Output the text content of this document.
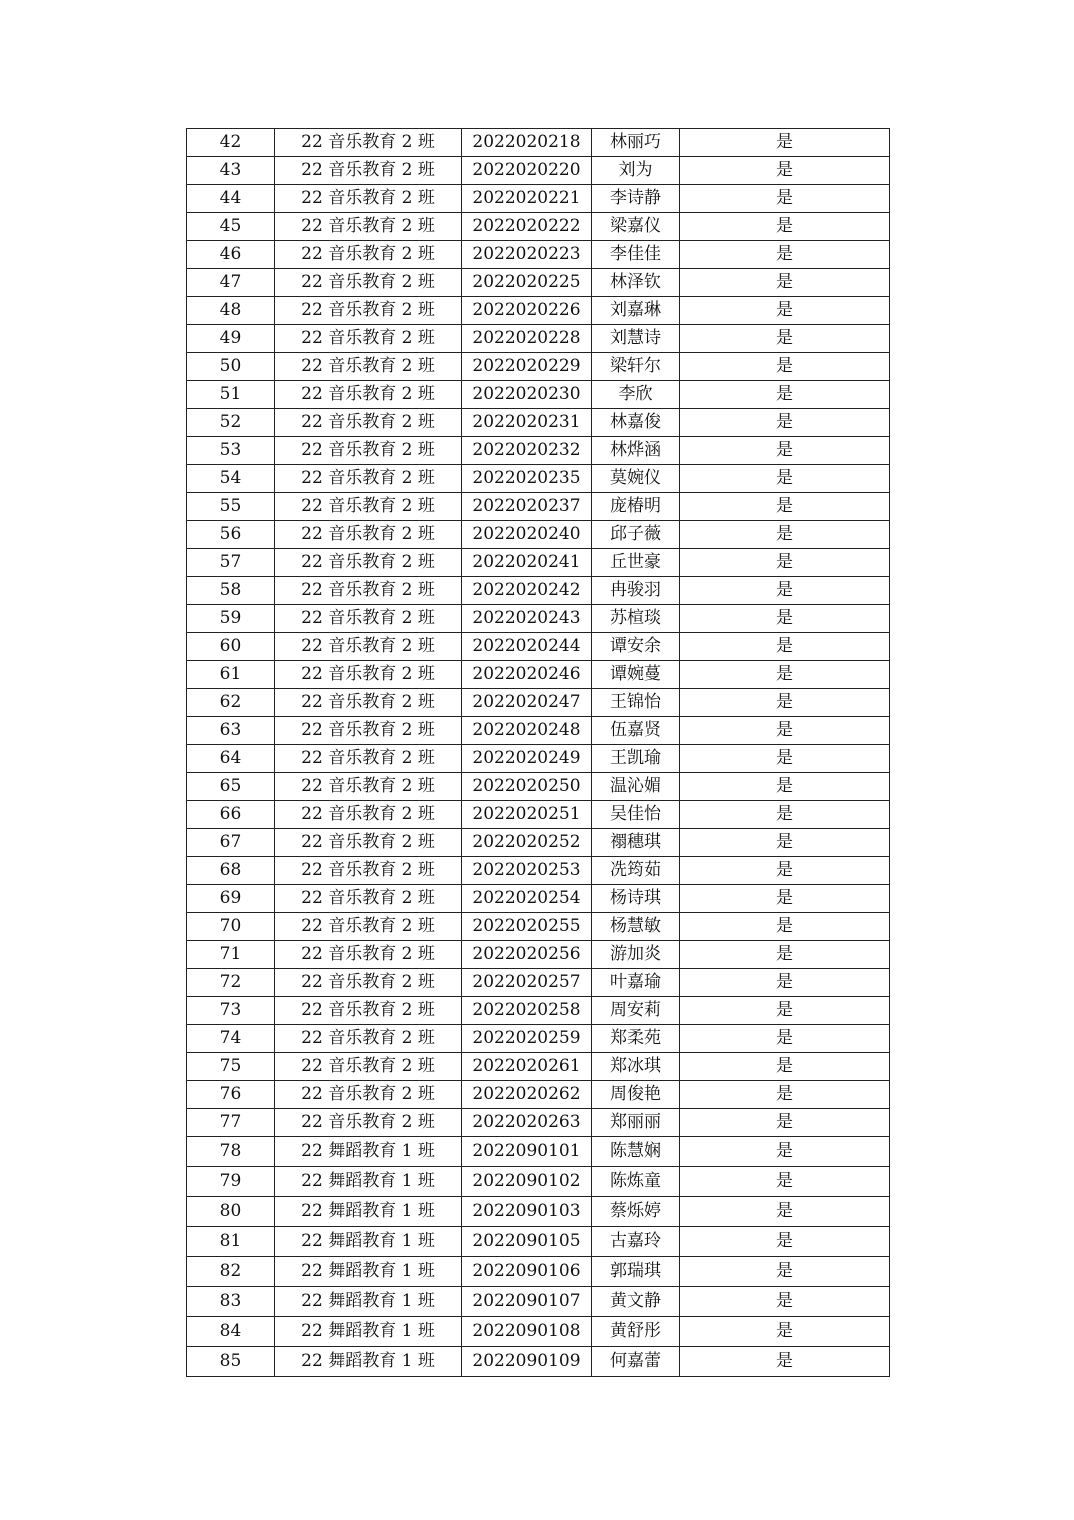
42	22 音乐教育 2 班	2022020218	林丽巧	是
43	22 音乐教育 2 班	2022020220	刘为	是
44	22 音乐教育 2 班	2022020221	李诗静	是
45	22 音乐教育 2 班	2022020222	梁嘉仪	是
46	22 音乐教育 2 班	2022020223	李佳佳	是
47	22 音乐教育 2 班	2022020225	林泽钦	是
48	22 音乐教育 2 班	2022020226	刘嘉琳	是
49	22 音乐教育 2 班	2022020228	刘慧诗	是
50	22 音乐教育 2 班	2022020229	梁轩尔	是
51	22 音乐教育 2 班	2022020230	李欣	是
52	22 音乐教育 2 班	2022020231	林嘉俊	是
53	22 音乐教育 2 班	2022020232	林烨涵	是
54	22 音乐教育 2 班	2022020235	莫婉仪	是
55	22 音乐教育 2 班	2022020237	庞椿明	是
56	22 音乐教育 2 班	2022020240	邱子薇	是
57	22 音乐教育 2 班	2022020241	丘世豪	是
58	22 音乐教育 2 班	2022020242	冉骏羽	是
59	22 音乐教育 2 班	2022020243	苏楦琰	是
60	22 音乐教育 2 班	2022020244	谭安余	是
61	22 音乐教育 2 班	2022020246	谭婉蔓	是
62	22 音乐教育 2 班	2022020247	王锦怡	是
63	22 音乐教育 2 班	2022020248	伍嘉贤	是
64	22 音乐教育 2 班	2022020249	王凯瑜	是
65	22 音乐教育 2 班	2022020250	温沁媚	是
66	22 音乐教育 2 班	2022020251	吴佳怡	是
67	22 音乐教育 2 班	2022020252	禤穗琪	是
68	22 音乐教育 2 班	2022020253	冼筠茹	是
69	22 音乐教育 2 班	2022020254	杨诗琪	是
70	22 音乐教育 2 班	2022020255	杨慧敏	是
71	22 音乐教育 2 班	2022020256	游加炎	是
72	22 音乐教育 2 班	2022020257	叶嘉瑜	是
73	22 音乐教育 2 班	2022020258	周安莉	是
74	22 音乐教育 2 班	2022020259	郑柔苑	是
75	22 音乐教育 2 班	2022020261	郑冰琪	是
76	22 音乐教育 2 班	2022020262	周俊艳	是
77	22 音乐教育 2 班	2022020263	郑丽丽	是
78	22 舞蹈教育 1 班	2022090101	陈慧娴	是
79	22 舞蹈教育 1 班	2022090102	陈炼童	是
80	22 舞蹈教育 1 班	2022090103	蔡烁婷	是
81	22 舞蹈教育 1 班	2022090105	古嘉玲	是
82	22 舞蹈教育 1 班	2022090106	郭瑞琪	是
83	22 舞蹈教育 1 班	2022090107	黄文静	是
84	22 舞蹈教育 1 班	2022090108	黄舒彤	是
85	22 舞蹈教育 1 班	2022090109	何嘉蕾	是
